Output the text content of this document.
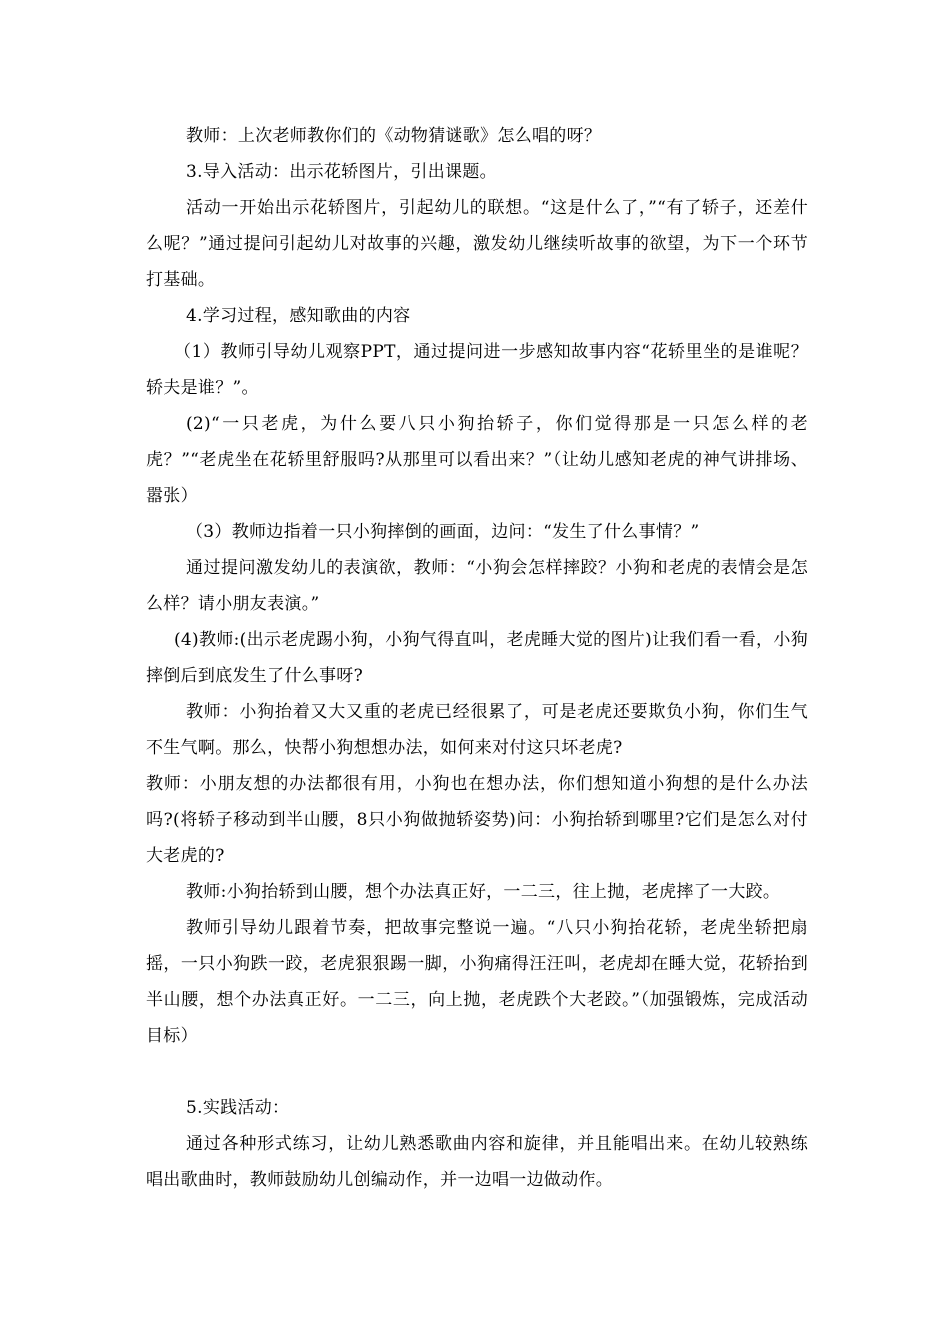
教师：上次老师教你们的《动物猜谜歌》怎么唱的呀？

3.导入活动：出示花轿图片，引出课题。

活动一开始出示花轿图片，引起幼儿的联想。“这是什么了，”“有了轿子，还差什么呢？”通过提问引起幼儿对故事的兴趣，激发幼儿继续听故事的欲望，为下一个环节打基础。

4.学习过程，感知歌曲的内容

（1）教师引导幼儿观察PPT，通过提问进一步感知故事内容“花轿里坐的是谁呢？轿夫是谁？”。

(2)“一只老虎，为什么要八只小狗抬轿子，你们觉得那是一只怎么样的老虎？”“老虎坐在花轿里舒服吗?从那里可以看出来？”（让幼儿感知老虎的神气讲排场、嚣张）

（3）教师边指着一只小狗摔倒的画面，边问：“发生了什么事情？”

通过提问激发幼儿的表演欲，教师：“小狗会怎样摔跤？小狗和老虎的表情会是怎么样？请小朋友表演。”

(4)教师:(出示老虎踢小狗，小狗气得直叫，老虎睡大觉的图片)让我们看一看，小狗摔倒后到底发生了什么事呀?

教师：小狗抬着又大又重的老虎已经很累了，可是老虎还要欺负小狗，你们生气不生气啊。那么，快帮小狗想想办法，如何来对付这只坏老虎?

教师：小朋友想的办法都很有用，小狗也在想办法，你们想知道小狗想的是什么办法吗?(将轿子移动到半山腰，8只小狗做抛轿姿势)问：小狗抬轿到哪里?它们是怎么对付大老虎的?

教师:小狗抬轿到山腰，想个办法真正好，一二三，往上抛，老虎摔了一大跤。

教师引导幼儿跟着节奏，把故事完整说一遍。“八只小狗抬花轿，老虎坐轿把扇摇，一只小狗跌一跤，老虎狠狠踢一脚，小狗痛得汪汪叫，老虎却在睡大觉，花轿抬到半山腰，想个办法真正好。一二三，向上抛，老虎跌个大老跤。”（加强锻炼，完成活动目标）

5.实践活动：

通过各种形式练习，让幼儿熟悉歌曲内容和旋律，并且能唱出来。在幼儿较熟练唱出歌曲时，教师鼓励幼儿创编动作，并一边唱一边做动作。
